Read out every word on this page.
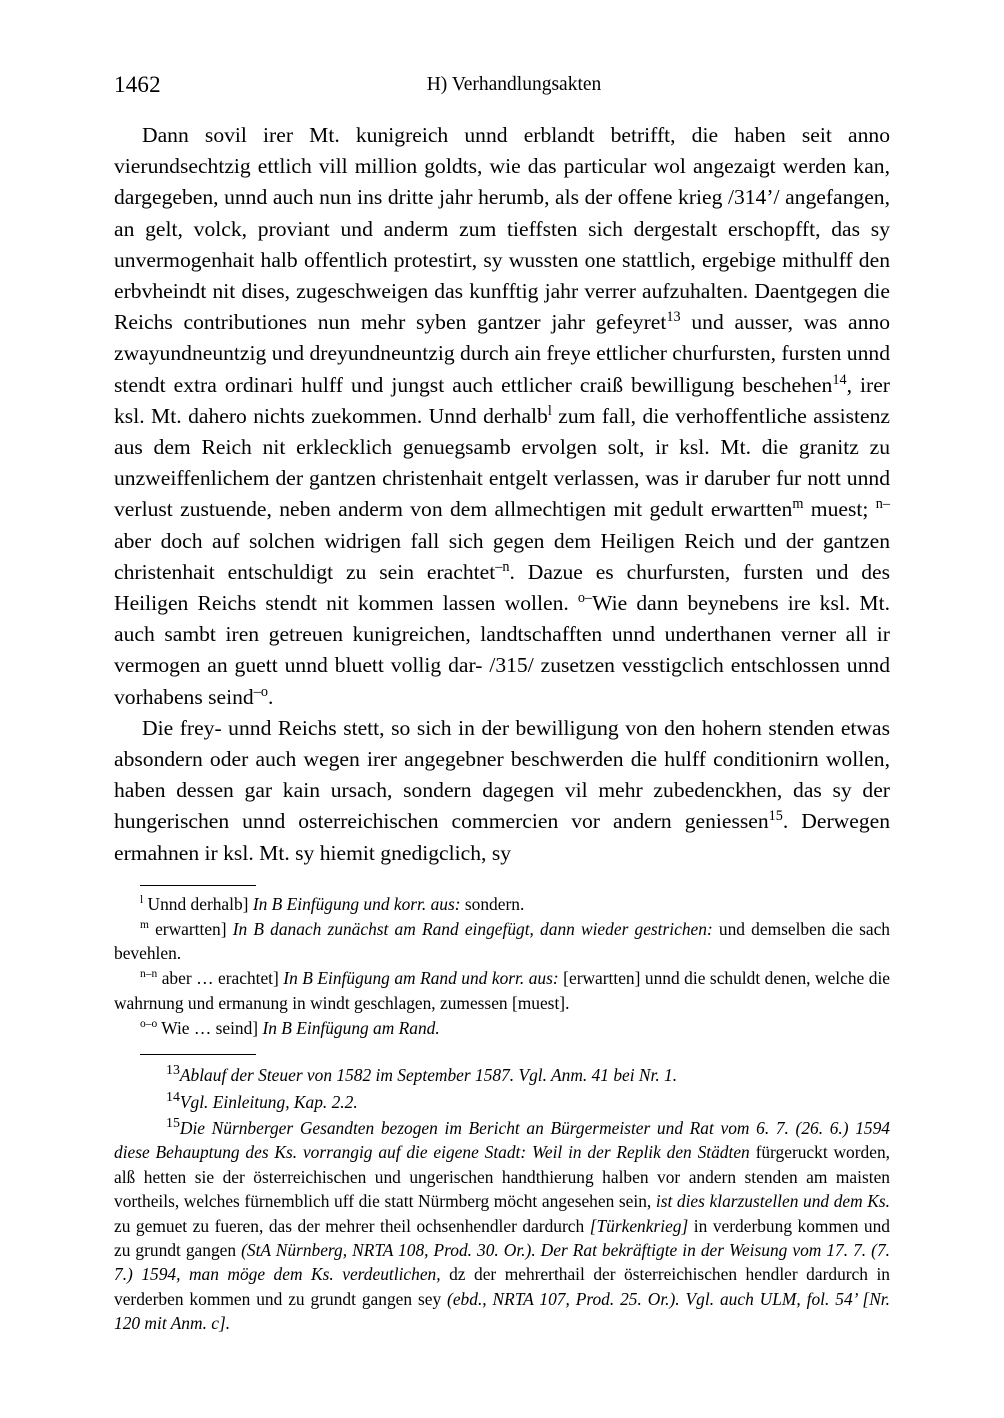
1462	H) Verhandlungsakten

Dann sovil irer Mt. kunigreich unnd erblandt betrifft, die haben seit anno vierundsechtzig ettlich vill million goldts, wie das particular wol angezaigt werden kan, dargegeben, unnd auch nun ins dritte jahr herumb, als der offene krieg /314’/ angefangen, an gelt, volck, proviant und anderm zum tieffsten sich dergestalt erschopfft, das sy unvermogenhait halb offentlich protestirt, sy wussten one stattlich, ergebige mithulff den erbvheindt nit dises, zugeschweigen das kunfftig jahr verrer aufzuhalten. Daentgegen die Reichs contributiones nun mehr syben gantzer jahr gefeyret$^{13}$ und ausser, was anno zwayundneuntzig und dreyundneuntzig durch ain freye ettlicher churfursten, fursten unnd stendt extra ordinari hulff und jungst auch ettlicher craiß bewilligung beschehen$^{14}$, irer ksl. Mt. dahero nichts zuekommen. Unnd derhalb$^l$ zum fall, die verhoffentliche assistenz aus dem Reich nit erklecklich genuegsamb ervolgen solt, ir ksl. Mt. die granitz zu unzweiffenlichem der gantzen christenhait entgelt verlassen, was ir daruber fur nott unnd verlust zustuende, neben anderm von dem allmechtigen mit gedult erwartten$^m$ muest; $^{n-}$aber doch auf solchen widrigen fall sich gegen dem Heiligen Reich und der gantzen christenhait entschuldigt zu sein erachtet$^{-n}$. Dazue es churfursten, fursten und des Heiligen Reichs stendt nit kommen lassen wollen. $^{o-}$Wie dann beynebens ire ksl. Mt. auch sambt iren getreuen kunigreichen, landtschafften unnd underthanen verner all ir vermogen an guett unnd bluett vollig dar- /315/ zusetzen vesstigclich entschlossen unnd vorhabens seind$^{-o}$.

Die frey- unnd Reichs stett, so sich in der bewilligung von den hohern stenden etwas absondern oder auch wegen irer angegebner beschwerden die hulff conditionirn wollen, haben dessen gar kain ursach, sondern dagegen vil mehr zubedenckhen, das sy der hungerischen unnd osterreichischen commercien vor andern geniessen$^{15}$. Derwegen ermahnen ir ksl. Mt. sy hiemit gnedigclich, sy

$^l$ Unnd derhalb] In B Einfügung und korr. aus: sondern.

$^m$ erwartten] In B danach zunächst am Rand eingefügt, dann wieder gestrichen: und demselben die sach bevehlen.

$^{n-n}$ aber … erachtet] In B Einfügung am Rand und korr. aus: [erwartten] unnd die schuldt denen, welche die wahrnung und ermanung in windt geschlagen, zumessen [muest].

$^{o-o}$ Wie … seind] In B Einfügung am Rand.

13Ablauf der Steuer von 1582 im September 1587. Vgl. Anm. 41 bei Nr. 1.

14Vgl. Einleitung, Kap. 2.2.

15Die Nürnberger Gesandten bezogen im Bericht an Bürgermeister und Rat vom 6. 7. (26. 6.) 1594 diese Behauptung des Ks. vorrangig auf die eigene Stadt: Weil in der Replik den Städten fürgeruckt worden, alß hetten sie der österreichischen und ungerischen handthierung halben vor andern stenden am maisten vortheils, welches fürnemblich uff die statt Nürmberg möcht angesehen sein, ist dies klarzustellen und dem Ks. zu gemuet zu fueren, das der mehrer theil ochsenhendler dardurch [Türkenkrieg] in verderbung kommen und zu grundt gangen (StA Nürnberg, NRTA 108, Prod. 30. Or.). Der Rat bekräftigte in der Weisung vom 17. 7. (7. 7.) 1594, man möge dem Ks. verdeutlichen, dz der mehrerthail der österreichischen hendler dardurch in verderben kommen und zu grundt gangen sey (ebd., NRTA 107, Prod. 25. Or.). Vgl. auch ULM, fol. 54’ [Nr. 120 mit Anm. c].
